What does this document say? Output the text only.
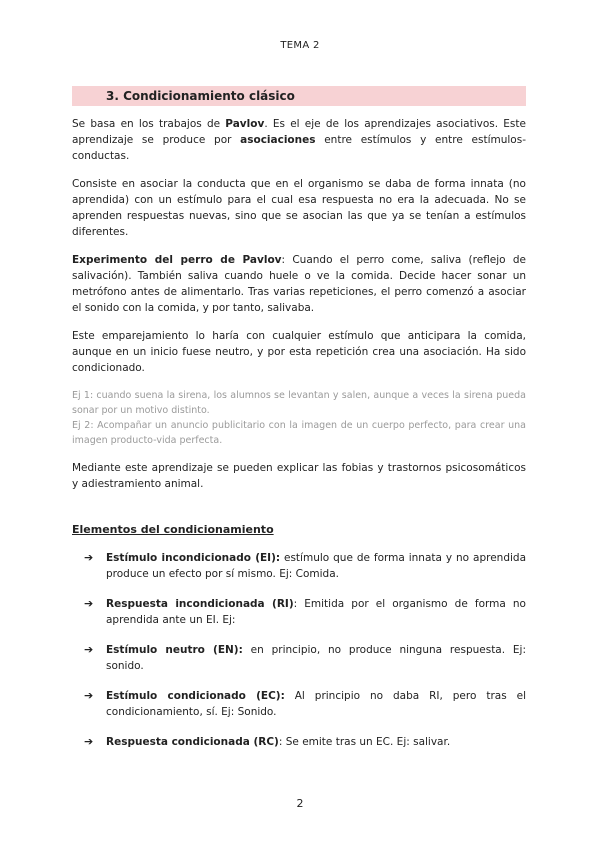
TEMA 2
3. Condicionamiento clásico

Se basa en los trabajos de Pavlov. Es el eje de los aprendizajes asociativos. Este aprendizaje se produce por asociaciones entre estímulos y entre estímulos-conductas.

Consiste en asociar la conducta que en el organismo se daba de forma innata (no aprendida) con un estímulo para el cual esa respuesta no era la adecuada. No se aprenden respuestas nuevas, sino que se asocian las que ya se tenían a estímulos diferentes.

Experimento del perro de Pavlov: Cuando el perro come, saliva (reflejo de salivación). También saliva cuando huele o ve la comida. Decide hacer sonar un metrófono antes de alimentarlo. Tras varias repeticiones, el perro comenzó a asociar el sonido con la comida, y por tanto, salivaba.

Este emparejamiento lo haría con cualquier estímulo que anticipara la comida, aunque en un inicio fuese neutro, y por esta repetición crea una asociación. Ha sido condicionado.

Ej 1: cuando suena la sirena, los alumnos se levantan y salen, aunque a veces la sirena pueda sonar por un motivo distinto.

Ej 2: Acompañar un anuncio publicitario con la imagen de un cuerpo perfecto, para crear una imagen producto-vida perfecta.

Mediante este aprendizaje se pueden explicar las fobias y trastornos psicosomáticos y adiestramiento animal.

Elementos del condicionamiento
➔ Estímulo incondicionado (EI): estímulo que de forma innata y no aprendida produce un efecto por sí mismo. Ej: Comida.
➔ Respuesta incondicionada (RI): Emitida por el organismo de forma no aprendida ante un EI. Ej:
➔ Estímulo neutro (EN): en principio, no produce ninguna respuesta. Ej: sonido.
➔ Estímulo condicionado (EC): Al principio no daba RI, pero tras el condicionamiento, sí. Ej: Sonido.
➔ Respuesta condicionada (RC): Se emite tras un EC. Ej: salivar.
2
